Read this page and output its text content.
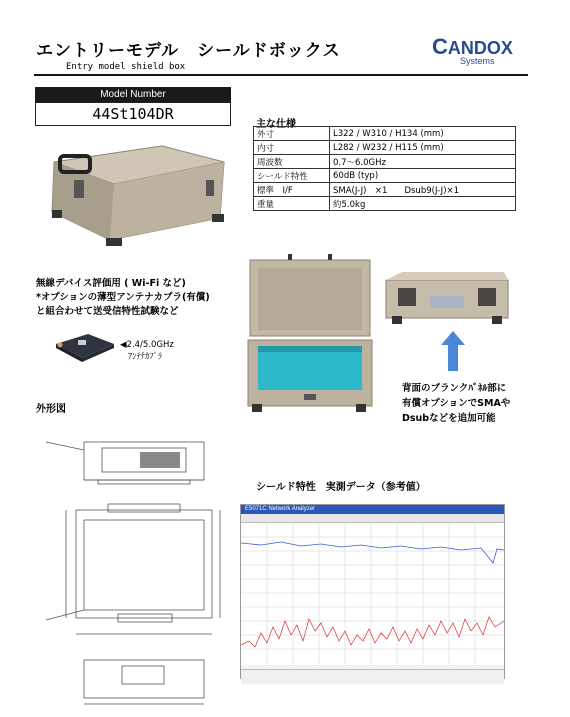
エントリーモデル　シールドボックス
Entry model shield box
CANDOX
Systems
Model Number
44St104DR
主な仕様
外寸	L322 / W310 / H134 (mm)
内寸	L282 / W232 / H115 (mm)
周波数	0.7～6.0GHz
シールド特性	60dB (typ)
標準　I/F	SMA(J-J)　×1　　Dsub9(J-J)×1
重量	約5.0kg
無線デバイス評価用 ( Wi-Fi など)
*オプションの薄型アンテナカプラ(有償)
と組合わせて送受信特性試験など
◀2.4/5.0GHz
ｱﾝﾃﾅｶﾌﾟﾗ
背面のブランクﾊﾟﾈﾙ部に
有償オプションでSMAや
Dsubなどを追加可能
外形図
シールド特性　実測データ（参考値）
E5071C Network Analyzer
